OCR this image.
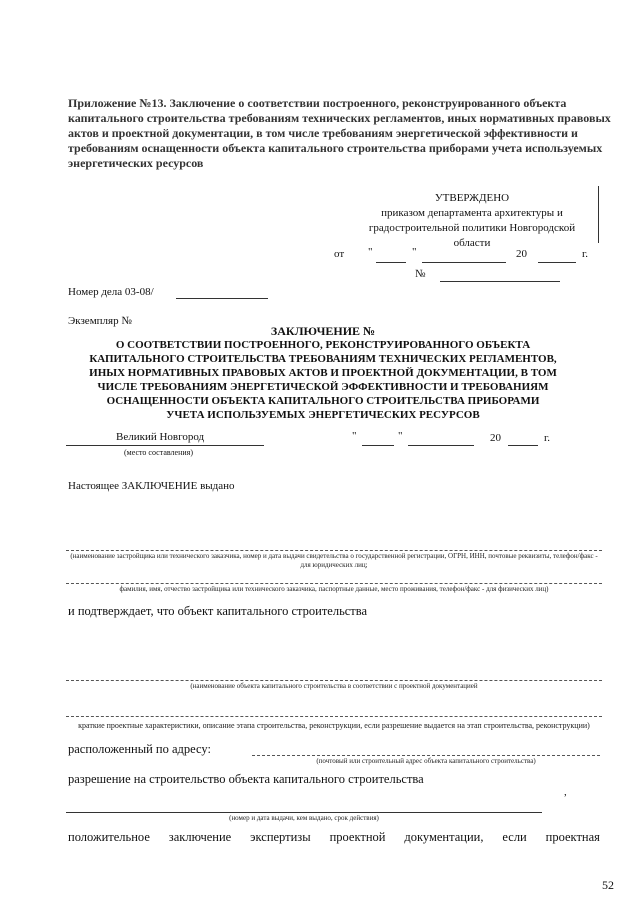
Приложение №13. Заключение о соответствии построенного, реконструированного объекта капитального строительства требованиям технических регламентов, иных нормативных правовых актов и проектной документации, в том числе требованиям энергетической эффективности и требованиям оснащенности объекта капитального строительства приборами учета используемых энергетических ресурсов
УТВЕРЖДЕНО
приказом департамента архитектуры и
градостроительной политики Новгородской
области
от "	"	20	г.
№
Номер дела 03-08/
Экземпляр №
ЗАКЛЮЧЕНИЕ №
О СООТВЕТСТВИИ ПОСТРОЕННОГО, РЕКОНСТРУИРОВАННОГО ОБЪЕКТА КАПИТАЛЬНОГО СТРОИТЕЛЬСТВА ТРЕБОВАНИЯМ ТЕХНИЧЕСКИХ РЕГЛАМЕНТОВ, ИНЫХ НОРМАТИВНЫХ ПРАВОВЫХ АКТОВ И ПРОЕКТНОЙ ДОКУМЕНТАЦИИ, В ТОМ ЧИСЛЕ ТРЕБОВАНИЯМ ЭНЕРГЕТИЧЕСКОЙ ЭФФЕКТИВНОСТИ И ТРЕБОВАНИЯМ ОСНАЩЕННОСТИ ОБЪЕКТА КАПИТАЛЬНОГО СТРОИТЕЛЬСТВА ПРИБОРАМИ УЧЕТА ИСПОЛЬЗУЕМЫХ ЭНЕРГЕТИЧЕСКИХ РЕСУРСОВ
Великий Новгород
(место составления)
"	"	20	г.
Настоящее ЗАКЛЮЧЕНИЕ выдано
(наименование застройщика или технического заказчика, номер и дата выдачи свидетельства о государственной регистрации, ОГРН, ИНН, почтовые реквизиты, телефон/факс - для юридических лиц;
фамилия, имя, отчество застройщика или технического заказчика, паспортные данные, место проживания, телефон/факс - для физических лиц)
и подтверждает, что объект капитального строительства
(наименование объекта капитального строительства в соответствии с проектной документацией
краткие проектные характеристики, описание этапа строительства, реконструкции, если разрешение выдается на этап строительства, реконструкции)
расположенный по адресу:
(почтовый или строительный адрес объекта капитального строительства)
разрешение на строительство объекта капитального строительства
,
(номер и дата выдачи, кем выдано, срок действия)
положительное заключение экспертизы проектной документации, если проектная
52
